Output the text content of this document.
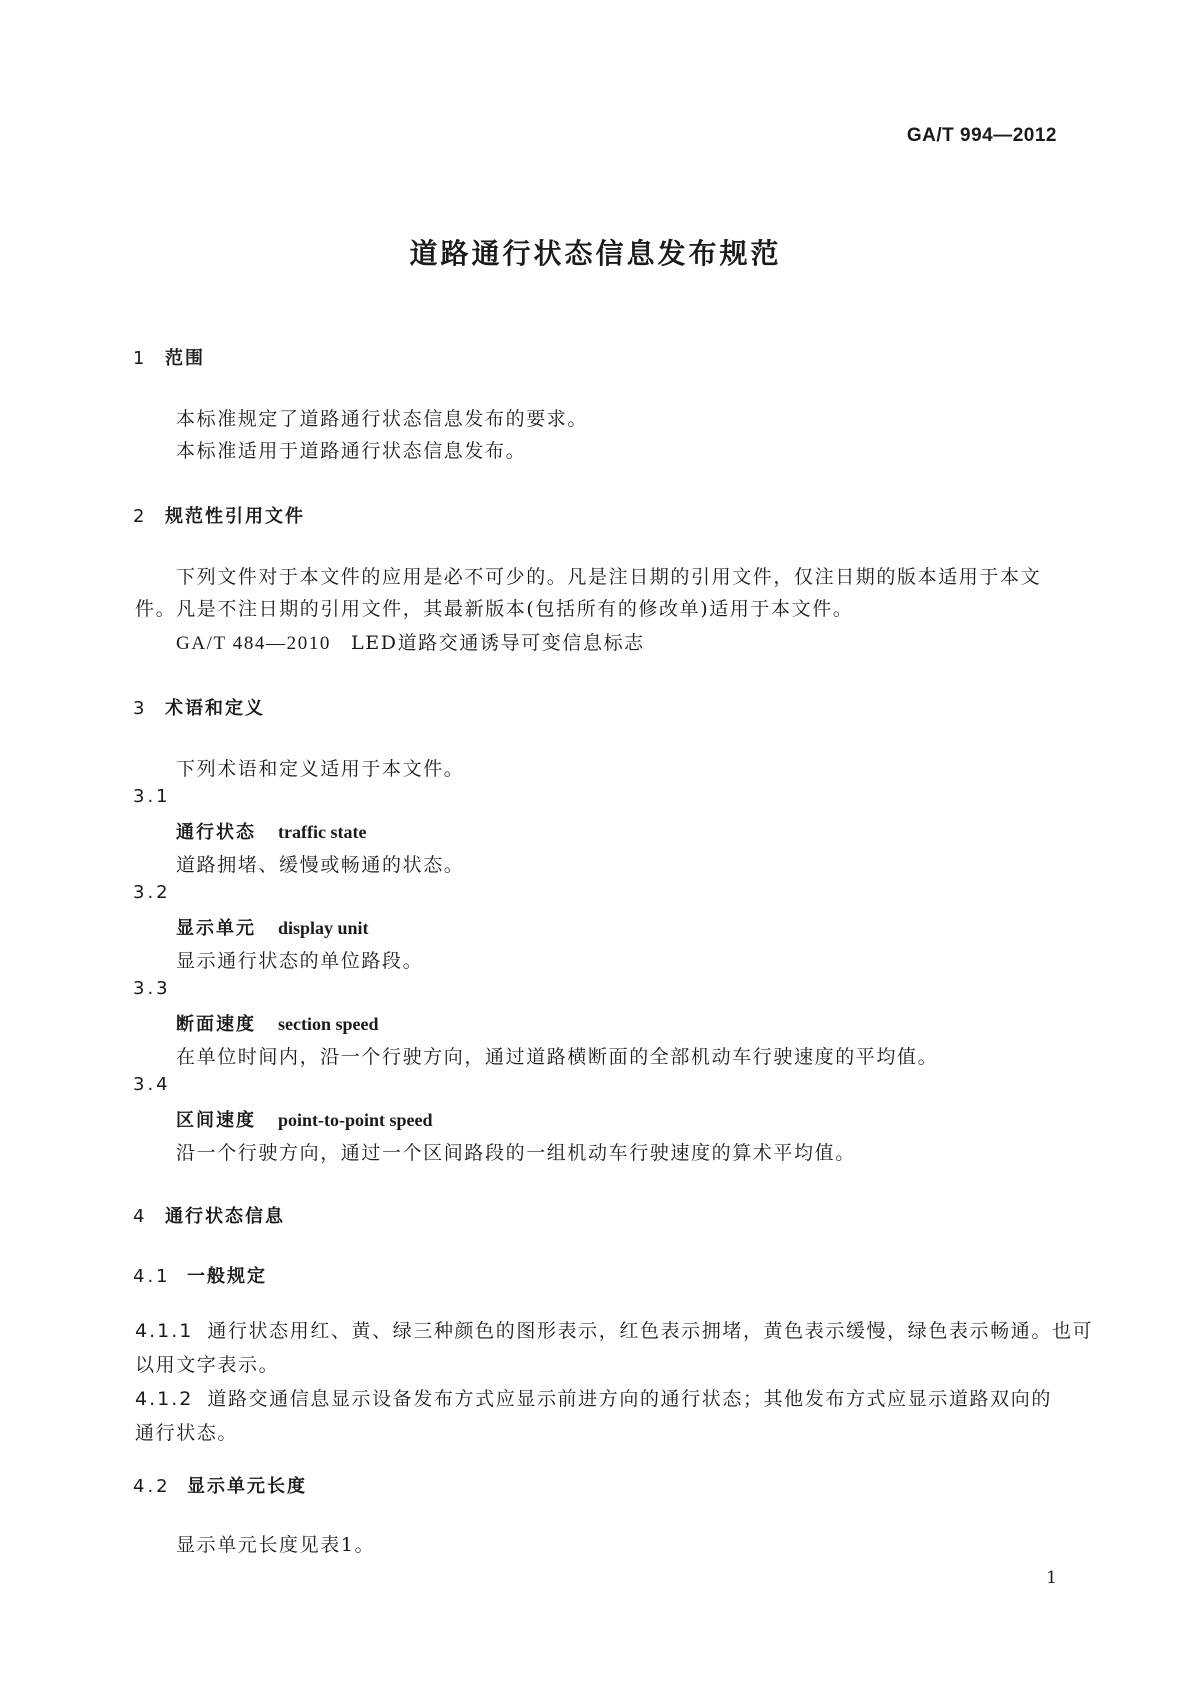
GA/T 994—2012
道路通行状态信息发布规范
1 范围
本标准规定了道路通行状态信息发布的要求。
本标准适用于道路通行状态信息发布。
2 规范性引用文件
下列文件对于本文件的应用是必不可少的。凡是注日期的引用文件，仅注日期的版本适用于本文
件。凡是不注日期的引用文件，其最新版本(包括所有的修改单)适用于本文件。
GA/T 484—2010 LED道路交通诱导可变信息标志
3 术语和定义
下列术语和定义适用于本文件。
3.1
通行状态 traffic state
道路拥堵、缓慢或畅通的状态。
3.2
显示单元 display unit
显示通行状态的单位路段。
3.3
断面速度 section speed
在单位时间内，沿一个行驶方向，通过道路横断面的全部机动车行驶速度的平均值。
3.4
区间速度 point-to-point speed
沿一个行驶方向，通过一个区间路段的一组机动车行驶速度的算术平均值。
4 通行状态信息
4.1 一般规定
4.1.1 通行状态用红、黄、绿三种颜色的图形表示，红色表示拥堵，黄色表示缓慢，绿色表示畅通。也可
以用文字表示。
4.1.2 道路交通信息显示设备发布方式应显示前进方向的通行状态；其他发布方式应显示道路双向的
通行状态。
4.2 显示单元长度
显示单元长度见表1。
1
